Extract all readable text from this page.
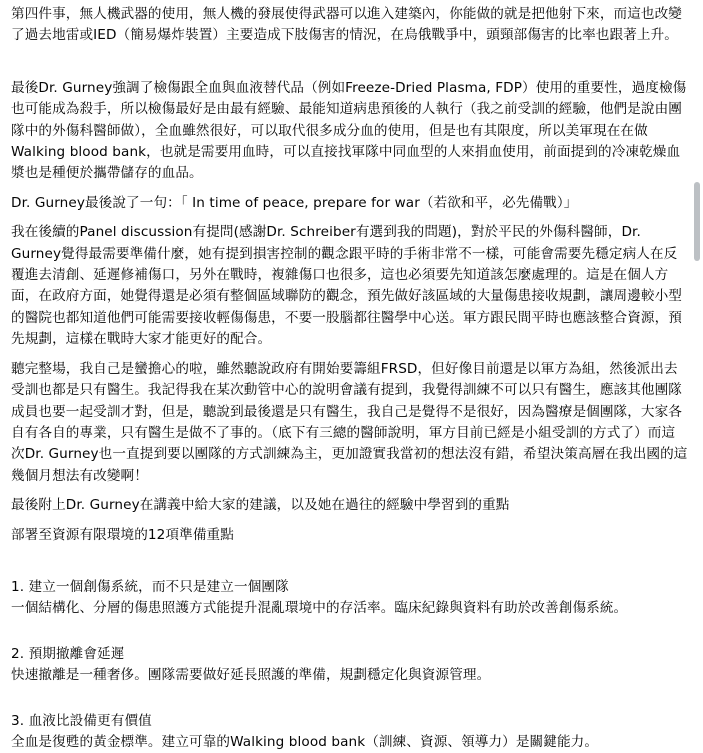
第四件事，無人機武器的使用，無人機的發展使得武器可以進入建築內，你能做的就是把他射下來，而這也改變了過去地雷或IED（簡易爆炸裝置）主要造成下肢傷害的情況，在烏俄戰爭中，頭頸部傷害的比率也跟著上升。

最後Dr. Gurney強調了檢傷跟全血與血液替代品（例如Freeze-Dried Plasma, FDP）使用的重要性，過度檢傷也可能成為殺手，所以檢傷最好是由最有經驗、最能知道病患預後的人執行（我之前受訓的經驗，他們是說由團隊中的外傷科醫師做），全血雖然很好，可以取代很多成分血的使用，但是也有其限度，所以美軍現在在做Walking blood bank，也就是需要用血時，可以直接找軍隊中同血型的人來捐血使用，前面提到的冷凍乾燥血漿也是種便於攜帶儲存的血品。

Dr. Gurney最後說了一句：「 In time of peace, prepare for war（若欲和平，必先備戰）」

我在後續的Panel discussion有提問(感謝Dr. Schreiber有選到我的問題)，對於平民的外傷科醫師，Dr. Gurney覺得最需要準備什麼，她有提到損害控制的觀念跟平時的手術非常不一樣，可能會需要先穩定病人在反覆進去清創、延遲修補傷口，另外在戰時，複雜傷口也很多，這也必須要先知道該怎麼處理的。這是在個人方面，在政府方面，她覺得還是必須有整個區域聯防的觀念，預先做好該區域的大量傷患接收規劃，讓周邊較小型的醫院也都知道他們可能需要接收輕傷傷患，不要一股腦都往醫學中心送。軍方跟民間平時也應該整合資源，預先規劃，這樣在戰時大家才能更好的配合。

聽完整場，我自己是蠻擔心的啦，雖然聽說政府有開始要籌組FRSD，但好像目前還是以軍方為組，然後派出去受訓也都是只有醫生。我記得我在某次動管中心的說明會議有提到，我覺得訓練不可以只有醫生，應該其他團隊成員也要一起受訓才對，但是，聽說到最後還是只有醫生，我自己是覺得不是很好，因為醫療是個團隊，大家各自有各自的專業，只有醫生是做不了事的。（底下有三總的醫師說明，軍方目前已經是小組受訓的方式了）而這次Dr. Gurney也一直提到要以團隊的方式訓練為主，更加證實我當初的想法沒有錯，希望決策高層在我出國的這幾個月想法有改變啊！

最後附上Dr. Gurney在講義中給大家的建議，以及她在過往的經驗中學習到的重點

部署至資源有限環境的12項準備重點

1. 建立一個創傷系統，而不只是建立一個團隊

一個結構化、分層的傷患照護方式能提升混亂環境中的存活率。臨床紀錄與資料有助於改善創傷系統。

2. 預期撤離會延遲

快速撤離是一種奢侈。團隊需要做好延長照護的準備，規劃穩定化與資源管理。

3. 血液比設備更有價值

全血是復甦的黃金標準。建立可靠的Walking blood bank（訓練、資源、領導力）是關鍵能力。
